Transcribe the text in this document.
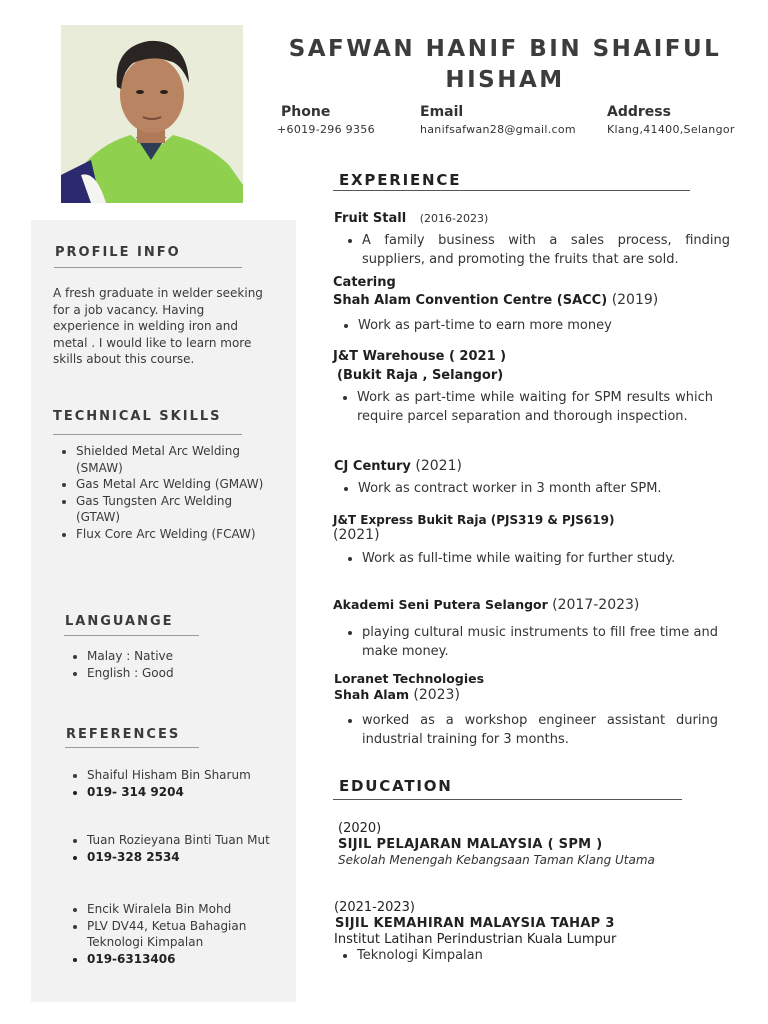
SAFWAN HANIF BIN SHAIFUL HISHAM
Phone
+6019-296 9356
Email
hanifsafwan28@gmail.com
Address
Klang,41400,Selangor
PROFILE INFO
A fresh graduate in welder seeking for a job vacancy. Having experience in welding iron and metal . I would like to learn more skills about this course.
TECHNICAL SKILLS
• Shielded Metal Arc Welding (SMAW)
• Gas Metal Arc Welding (GMAW)
• Gas Tungsten Arc Welding (GTAW)
• Flux Core Arc Welding (FCAW)
LANGUANGE
• Malay : Native
• English : Good
REFERENCES
• Shaiful Hisham Bin Sharum
• 019- 314 9204
• Tuan Rozieyana Binti Tuan Mut
• 019-328 2534
• Encik Wiralela Bin Mohd
• PLV DV44, Ketua Bahagian Teknologi Kimpalan
• 019-6313406
EXPERIENCE
Fruit Stall (2016-2023)
• A family business with a sales process, finding suppliers, and promoting the fruits that are sold.
Catering
Shah Alam Convention Centre (SACC) (2019)
• Work as part-time to earn more money
J&T Warehouse ( 2021 )
(Bukit Raja , Selangor)
• Work as part-time while waiting for SPM results which require parcel separation and thorough inspection.
CJ Century (2021)
• Work as contract worker in 3 month after SPM.
J&T Express Bukit Raja (PJS319 & PJS619)
(2021)
• Work as full-time while waiting for further study.
Akademi Seni Putera Selangor (2017-2023)
• playing cultural music instruments to fill free time and make money.
Loranet Technologies
Shah Alam (2023)
• worked as a workshop engineer assistant during industrial training for 3 months.
EDUCATION
(2020)
SIJIL PELAJARAN MALAYSIA ( SPM )
Sekolah Menengah Kebangsaan Taman Klang Utama
(2021-2023)
SIJIL KEMAHIRAN MALAYSIA TAHAP 3
Institut Latihan Perindustrian Kuala Lumpur
• Teknologi Kimpalan
